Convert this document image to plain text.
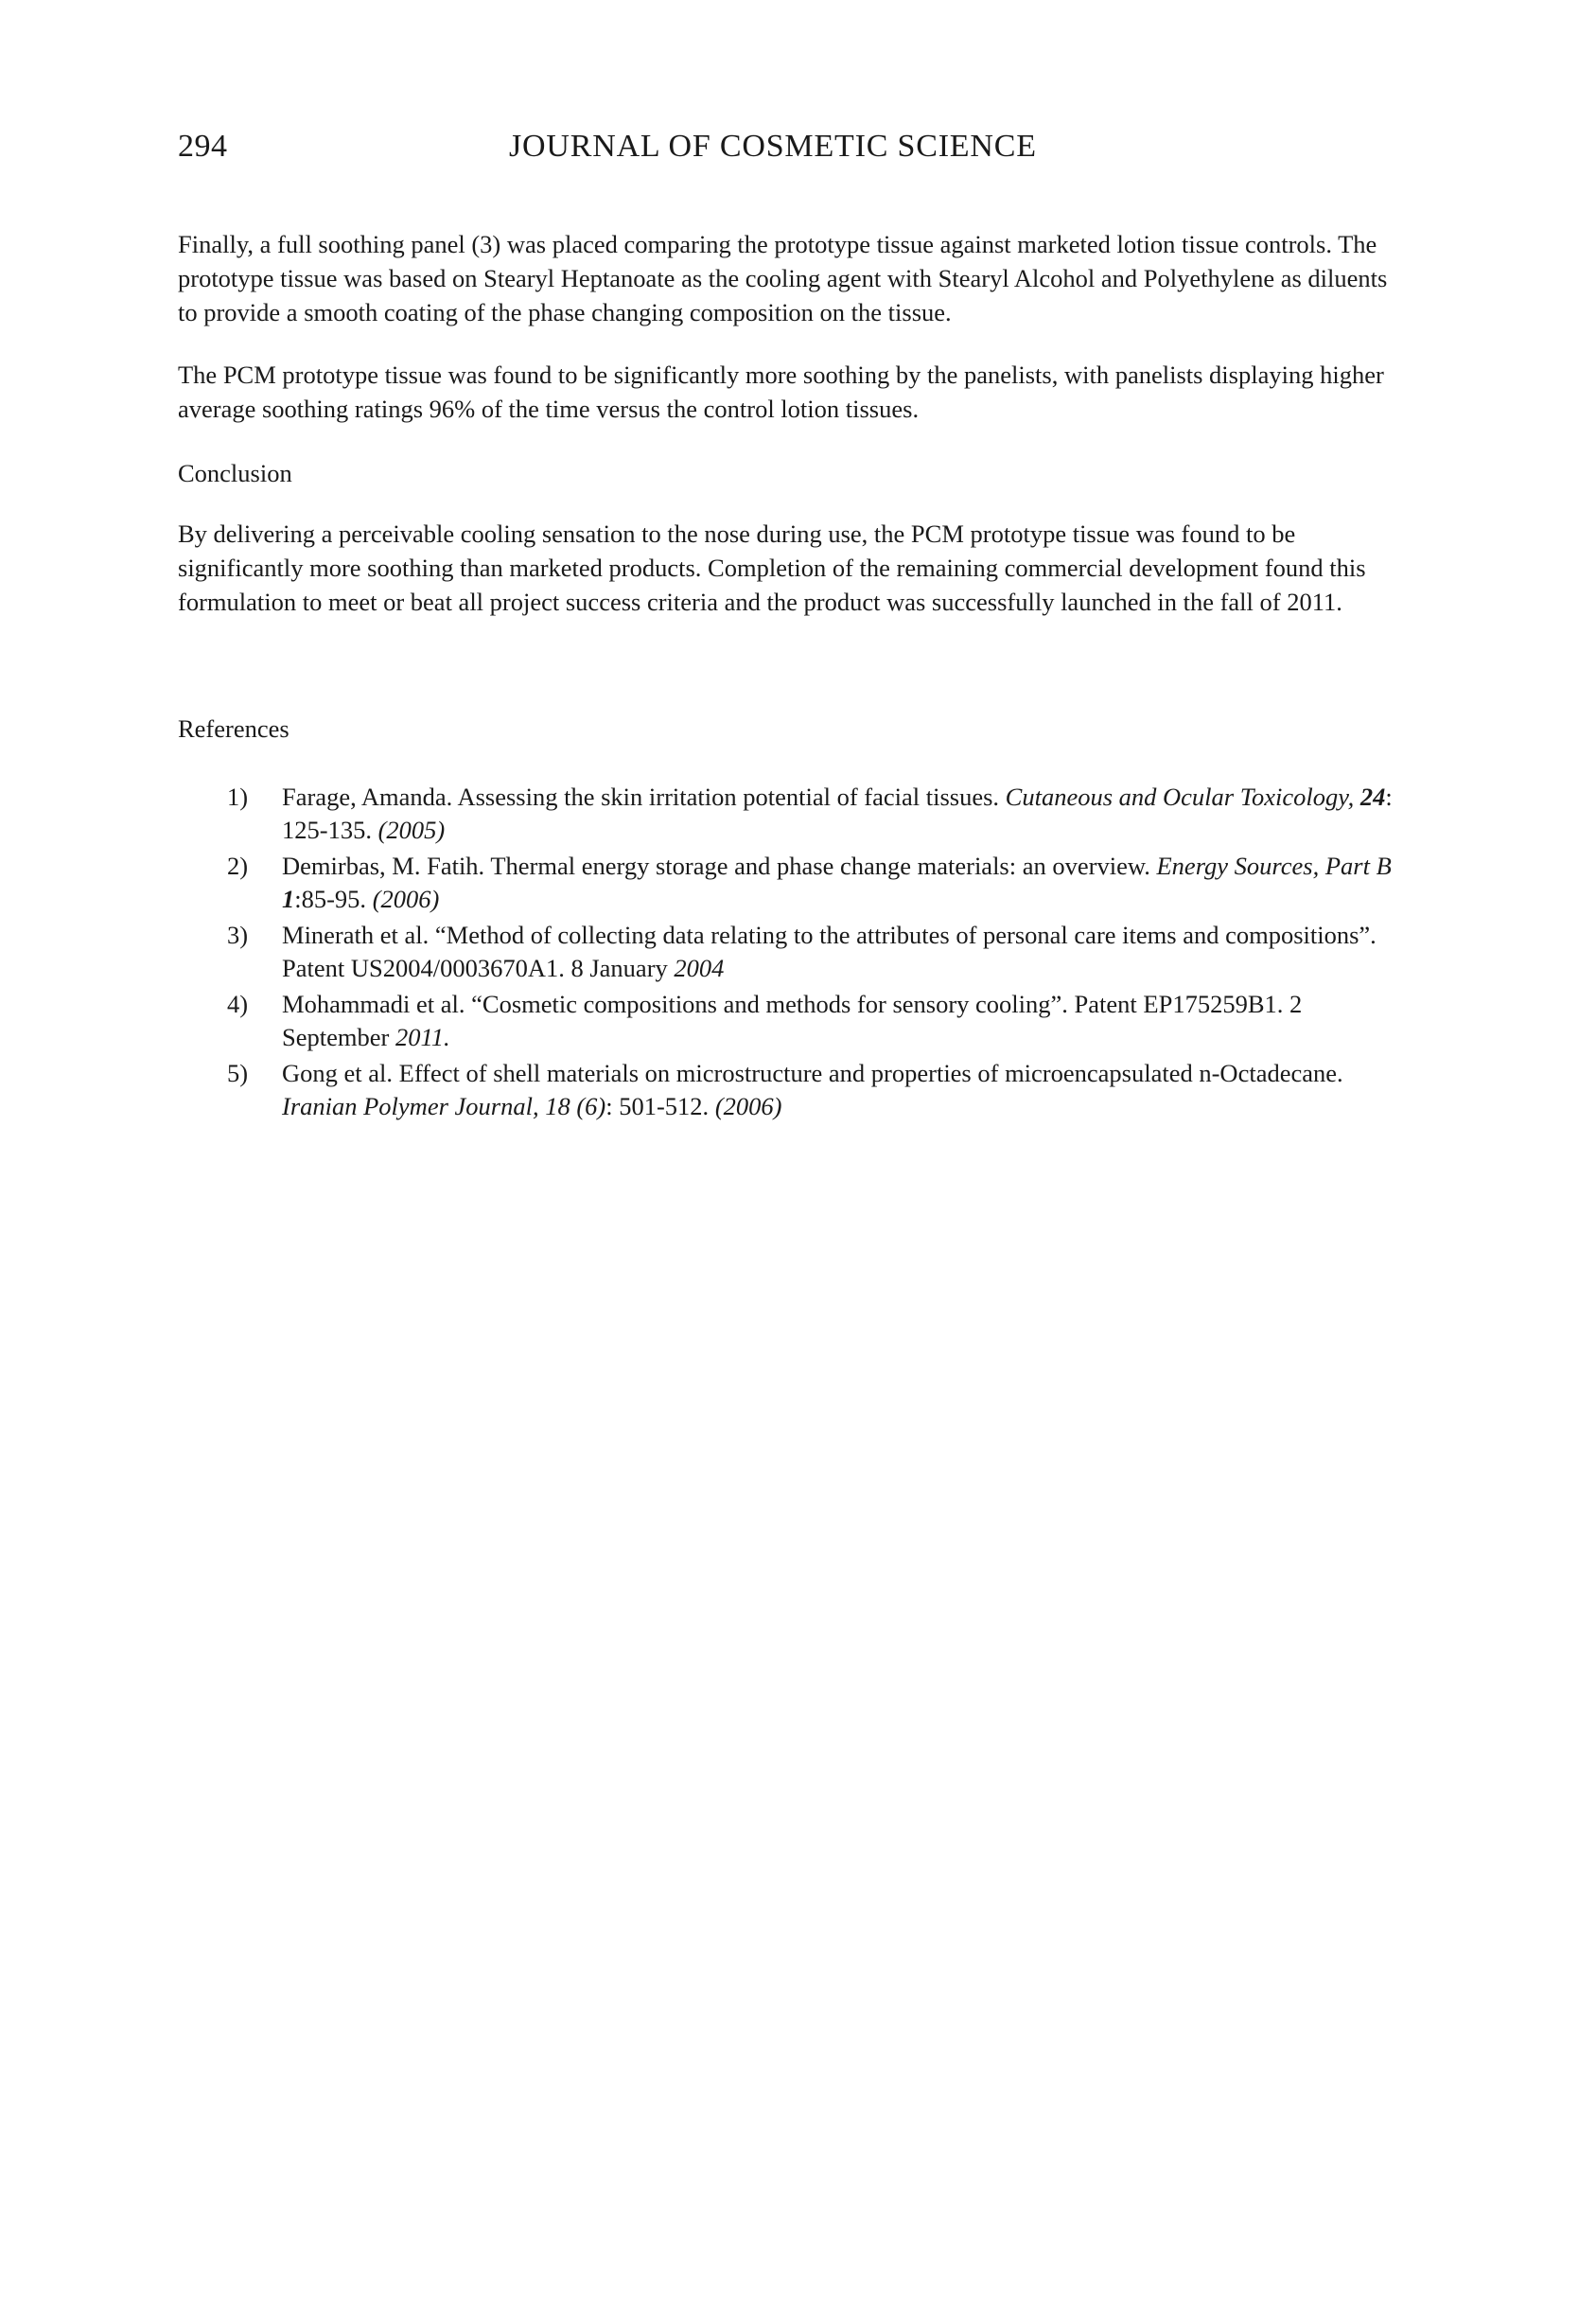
294	JOURNAL OF COSMETIC SCIENCE

Finally, a full soothing panel (3) was placed comparing the prototype tissue against marketed lotion tissue controls. The prototype tissue was based on Stearyl Heptanoate as the cooling agent with Stearyl Alcohol and Polyethylene as diluents to provide a smooth coating of the phase changing composition on the tissue.

The PCM prototype tissue was found to be significantly more soothing by the panelists, with panelists displaying higher average soothing ratings 96% of the time versus the control lotion tissues.

Conclusion

By delivering a perceivable cooling sensation to the nose during use, the PCM prototype tissue was found to be significantly more soothing than marketed products. Completion of the remaining commercial development found this formulation to meet or beat all project success criteria and the product was successfully launched in the fall of 2011.

References

1) Farage, Amanda. Assessing the skin irritation potential of facial tissues. Cutaneous and Ocular Toxicology, 24: 125-135. (2005)
2) Demirbas, M. Fatih. Thermal energy storage and phase change materials: an overview. Energy Sources, Part B 1:85-95. (2006)
3) Minerath et al. “Method of collecting data relating to the attributes of personal care items and compositions”. Patent US2004/0003670A1. 8 January 2004
4) Mohammadi et al. “Cosmetic compositions and methods for sensory cooling”. Patent EP175259B1. 2 September 2011.
5) Gong et al. Effect of shell materials on microstructure and properties of microencapsulated n-Octadecane. Iranian Polymer Journal, 18 (6): 501-512. (2006)
